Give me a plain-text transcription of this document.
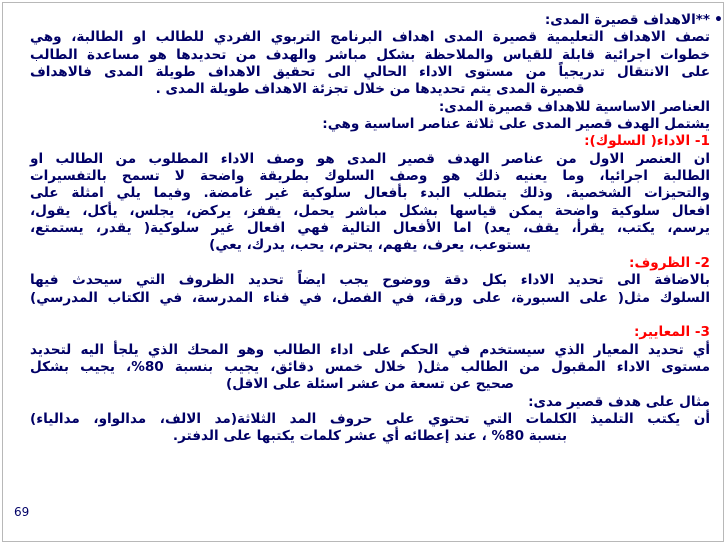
•
**الاهداف قصيرة المدى:
تصف الاهداف التعليمية قصيرة المدى اهداف البرنامج التربوي الفردي للطالب او الطالبة، وهي
خطوات اجرائية قابلة للقياس والملاحظة بشكل مباشر والهدف من تحديدها هو مساعدة الطالب
على الانتقال تدريجياً من مستوى الاداء الحالي الى تحقيق الاهداف طويلة المدى فالاهداف
قصيرة المدى يتم تحديدها من خلال تجزئة الاهداف طويلة المدى .
العناصر الاساسية للاهداف قصيرة المدى:
يشتمل الهدف قصير المدى على ثلاثة عناصر اساسية وهي:
1- الاداء( السلوك):
ان العنصر الاول من عناصر الهدف قصير المدى هو وصف الاداء المطلوب من الطالب او
الطالبة اجرائيا، وما يعنيه ذلك هو وصف السلوك بطريقة واضحة لا تسمح بالتفسيرات
والتحيزات الشخصية. وذلك يتطلب البدء بأفعال سلوكية غير غامضة. وفيما يلي امثلة على
افعال سلوكية واضحة يمكن قياسها بشكل مباشر يحمل، يقفز، يركض، يجلس، يأكل، يقول،
يرسم، يكتب، يقرأ، يقف، يعد) اما الأفعال التالية فهي افعال غير سلوكية( يقدر، يستمتع،
يستوعب، يعرف، يفهم، يحترم، يحب، يدرك، يعي)
2- الظروف:
بالاضافة الى تحديد الاداء بكل دقة ووضوح يجب ايضاً تحديد الظروف التي سيحدث فيها
السلوك مثل( على السبورة، على ورقة، في الفصل، في فناء المدرسة، في الكتاب المدرسي)
3- المعايير:
أي تحديد المعيار الذي سيستخدم في الحكم على اداء الطالب وهو المحك الذي يلجأ اليه لتحديد
مستوى الاداء المقبول من الطالب مثل( خلال خمس دقائق، يجيب بنسبة 80%، يجيب بشكل
صحيح عن تسعة من عشر اسئلة على الاقل)
مثال على هدف قصير مدى:
أن يكتب التلميذ الكلمات التي تحتوي على حروف المد الثلاثة(مد الالف، مدالواو، مدالياء)
بنسبة 80% ، عند إعطائه أي عشر كلمات يكتبها على الدفتر.
69
